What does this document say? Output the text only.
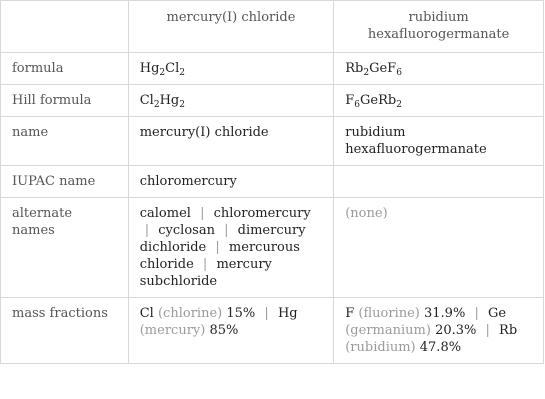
	mercury(I) chloride	rubidium hexafluorogermanate
formula	$Hg_2Cl_2$	$Rb_2GeF_6$
Hill formula	$Cl_2Hg_2$	$F_6GeRb_2$
name	mercury(I) chloride	rubidium hexafluorogermanate
IUPAC name	chloromercury	
alternate names	calomel | chloromercury | cyclosan | dimercury dichloride | mercurous chloride | mercury subchloride	(none)
mass fractions	Cl (chlorine) 15% | Hg (mercury) 85%	F (fluorine) 31.9% | Ge (germanium) 20.3% | Rb (rubidium) 47.8%
